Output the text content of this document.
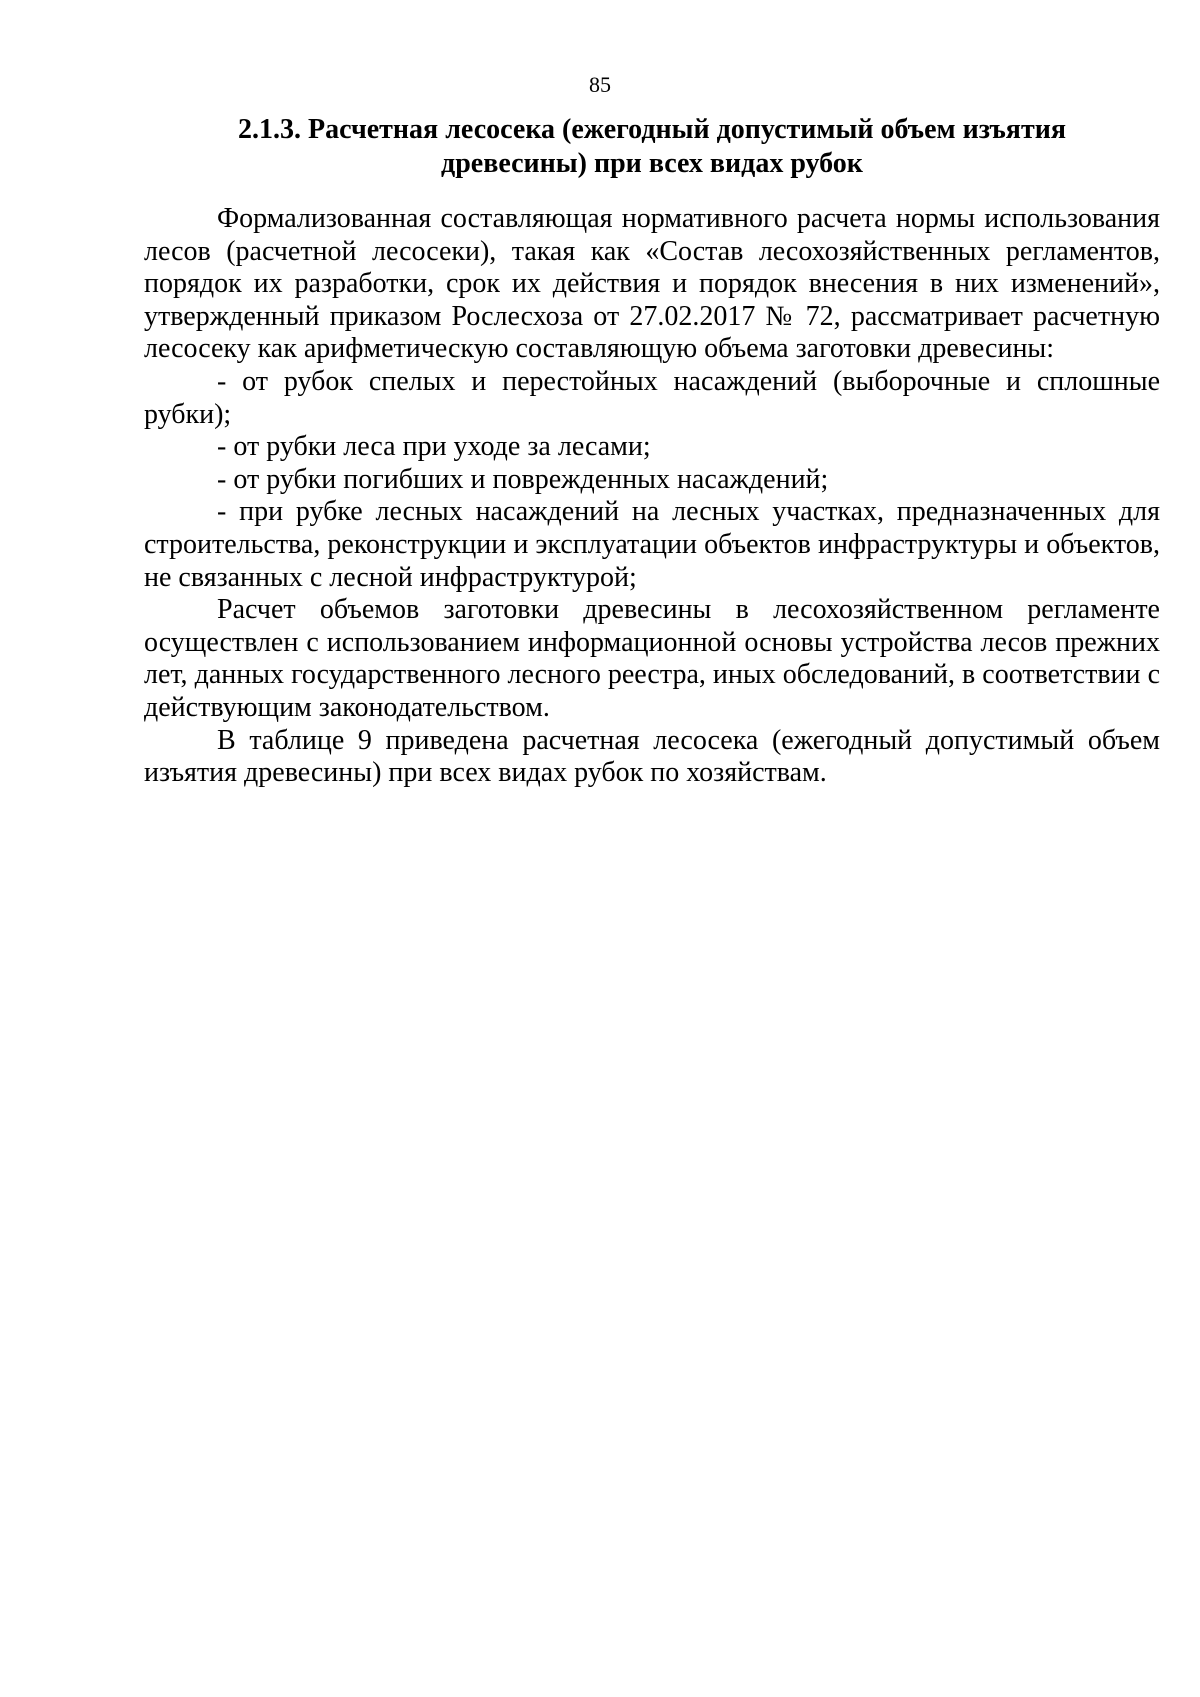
85
2.1.3. Расчетная лесосека (ежегодный допустимый объем изъятия
древесины) при всех видах рубок

Формализованная составляющая нормативного расчета нормы использования лесов (расчетной лесосеки), такая как «Состав лесохозяйственных регламентов, порядок их разработки, срок их действия и порядок внесения в них изменений», утвержденный приказом Рослесхоза от 27.02.2017 № 72, рассматривает расчетную лесосеку как арифметическую составляющую объема заготовки древесины:

- от рубок спелых и перестойных насаждений (выборочные и сплошные рубки);

- от рубки леса при уходе за лесами;

- от рубки погибших и поврежденных насаждений;

- при рубке лесных насаждений на лесных участках, предназначенных для строительства, реконструкции и эксплуатации объектов инфраструктуры и объектов, не связанных с лесной инфраструктурой;

Расчет объемов заготовки древесины в лесохозяйственном регламенте осуществлен с использованием информационной основы устройства лесов прежних лет, данных государственного лесного реестра, иных обследований, в соответствии с действующим законодательством.

В таблице 9 приведена расчетная лесосека (ежегодный допустимый объем изъятия древесины) при всех видах рубок по хозяйствам.
